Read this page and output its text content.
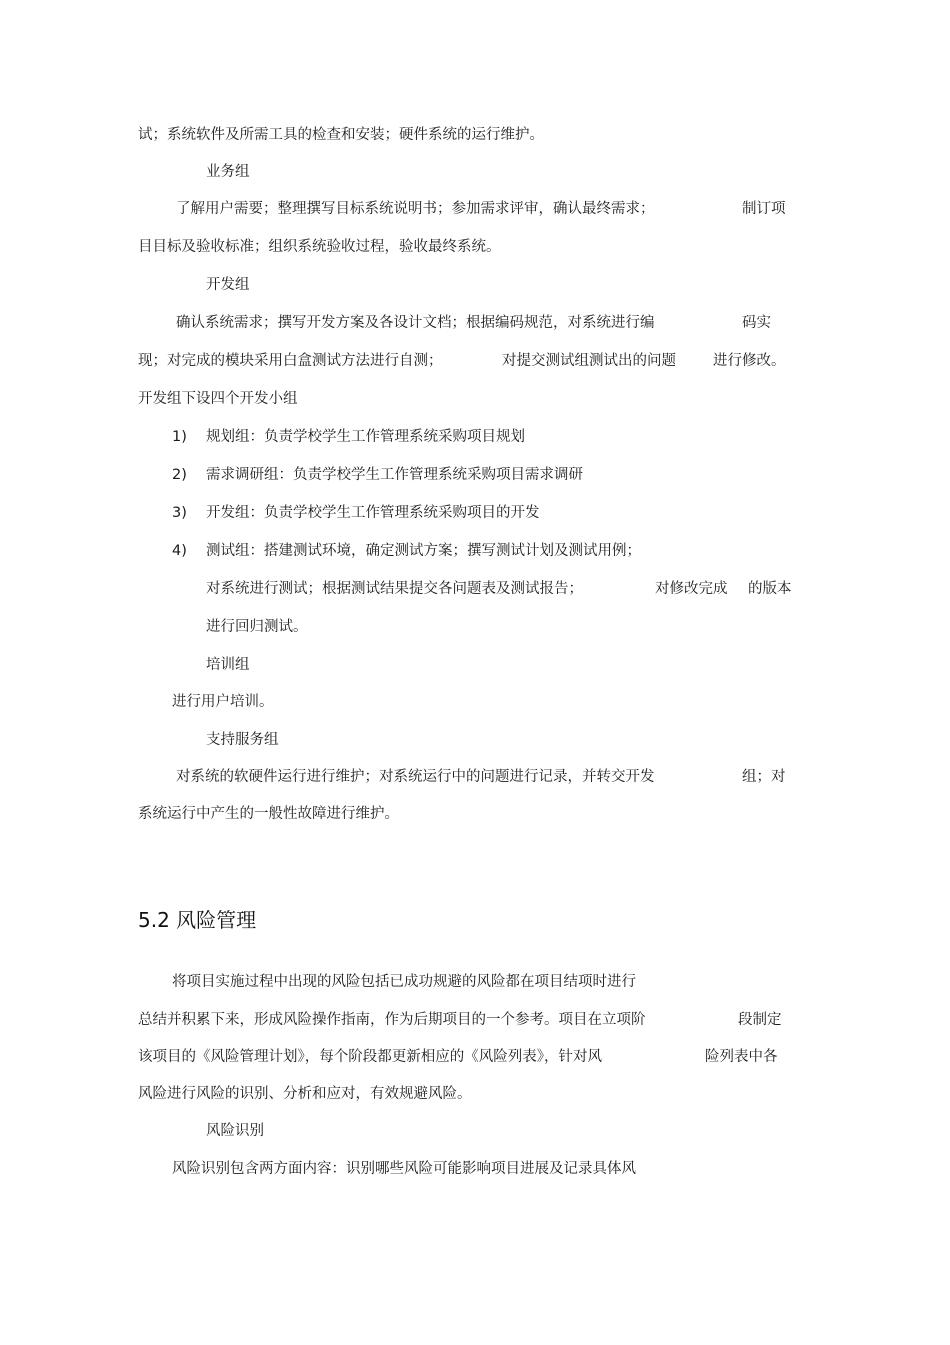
试；系统软件及所需工具的检查和安装；硬件系统的运行维护。
业务组
了解用户需要；整理撰写目标系统说明书；参加需求评审，确认最终需求；	制订项
目目标及验收标准；组织系统验收过程，验收最终系统。
开发组
确认系统需求；撰写开发方案及各设计文档；根据编码规范，对系统进行编	码实
现；对完成的模块采用白盒测试方法进行自测；	对提交测试组测试出的问题	进行修改。
开发组下设四个开发小组
1) 规划组：负责学校学生工作管理系统采购项目规划
2) 需求调研组：负责学校学生工作管理系统采购项目需求调研
3) 开发组：负责学校学生工作管理系统采购项目的开发
4) 测试组：搭建测试环境，确定测试方案；撰写测试计划及测试用例；
对系统进行测试；根据测试结果提交各问题表及测试报告；	对修改完成 的版本
进行回归测试。
培训组
进行用户培训。
支持服务组
对系统的软硬件运行进行维护；对系统运行中的问题进行记录，并转交开发	组；对
系统运行中产生的一般性故障进行维护。
5.2 风险管理
将项目实施过程中出现的风险包括已成功规避的风险都在项目结项时进行
总结并积累下来，形成风险操作指南，作为后期项目的一个参考。项目在立项阶	段制定
该项目的《风险管理计划》，每个阶段都更新相应的《风险列表》，针对风	险列表中各
风险进行风险的识别、分析和应对，有效规避风险。
风险识别
风险识别包含两方面内容：识别哪些风险可能影响项目进展及记录具体风
